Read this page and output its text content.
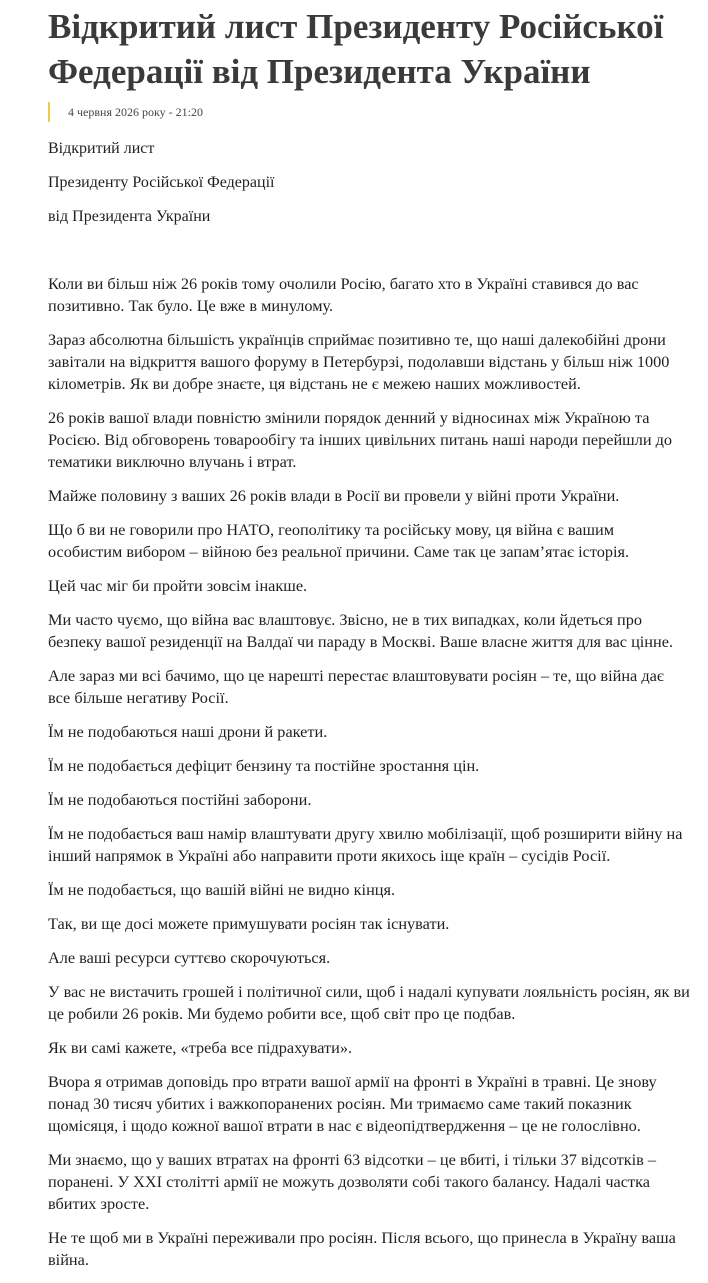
Відкритий лист Президенту Російської Федерації від Президента України
4 червня 2026 року - 21:20

Відкритий лист

Президенту Російської Федерації

від Президента України

Коли ви більш ніж 26 років тому очолили Росію, багато хто в Україні ставився до вас позитивно. Так було. Це вже в минулому.

Зараз абсолютна більшість українців сприймає позитивно те, що наші далекобійні дрони завітали на відкриття вашого форуму в Петербурзі, подолавши відстань у більш ніж 1000 кілометрів. Як ви добре знаєте, ця відстань не є межею наших можливостей.

26 років вашої влади повністю змінили порядок денний у відносинах між Україною та Росією. Від обговорень товарообігу та інших цивільних питань наші народи перейшли до тематики виключно влучань і втрат.

Майже половину з ваших 26 років влади в Росії ви провели у війні проти України.

Що б ви не говорили про НАТО, геополітику та російську мову, ця війна є вашим особистим вибором – війною без реальної причини. Саме так це запам’ятає історія.

Цей час міг би пройти зовсім інакше.

Ми часто чуємо, що війна вас влаштовує. Звісно, не в тих випадках, коли йдеться про безпеку вашої резиденції на Валдаї чи параду в Москві. Ваше власне життя для вас цінне.

Але зараз ми всі бачимо, що це нарешті перестає влаштовувати росіян – те, що війна дає все більше негативу Росії.

Їм не подобаються наші дрони й ракети.

Їм не подобається дефіцит бензину та постійне зростання цін.

Їм не подобаються постійні заборони.

Їм не подобається ваш намір влаштувати другу хвилю мобілізації, щоб розширити війну на інший напрямок в Україні або направити проти якихось іще країн – сусідів Росії.

Їм не подобається, що вашій війні не видно кінця.

Так, ви ще досі можете примушувати росіян так існувати.

Але ваші ресурси суттєво скорочуються.

У вас не вистачить грошей і політичної сили, щоб і надалі купувати лояльність росіян, як ви це робили 26 років. Ми будемо робити все, щоб світ про це подбав.

Як ви самі кажете, «треба все підрахувати».

Вчора я отримав доповідь про втрати вашої армії на фронті в Україні в травні. Це знову понад 30 тисяч убитих і важкопоранених росіян. Ми тримаємо саме такий показник щомісяця, і щодо кожної вашої втрати в нас є відеопідтвердження – це не голослівно.

Ми знаємо, що у ваших втратах на фронті 63 відсотки – це вбиті, і тільки 37 відсотків – поранені. У XXI столітті армії не можуть дозволяти собі такого балансу. Надалі частка вбитих зросте.

Не те щоб ми в Україні переживали про росіян. Після всього, що принесла в Україну ваша війна.
